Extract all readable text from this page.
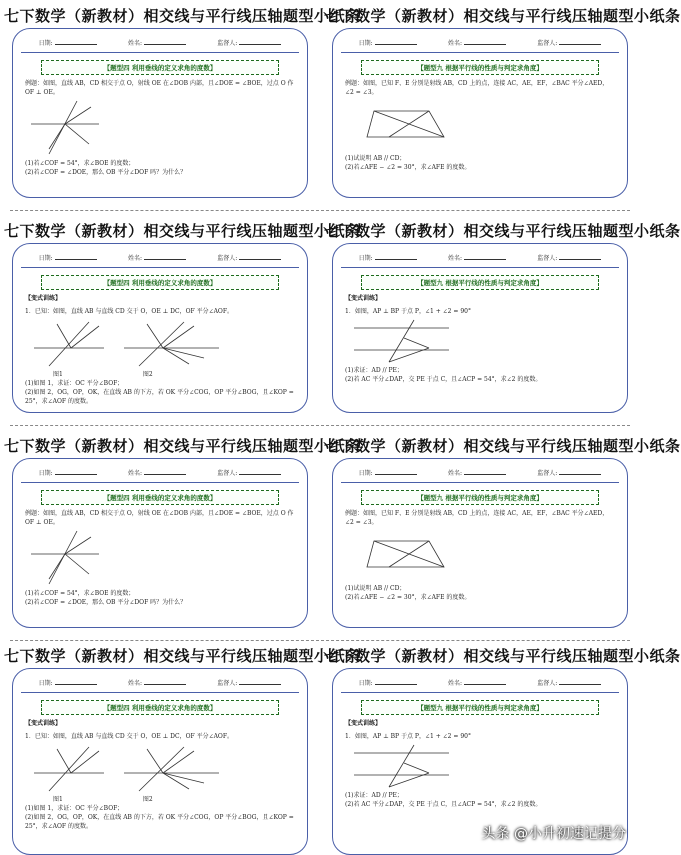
七下数学（新教材）相交线与平行线压轴题型小纸条
日期:	姓名:	监督人:
【题型四 利用垂线的定义求角的度数】
例题：如图，直线 AB，CD 相交于点 O，射线 OE 在∠DOB 内部，且∠DOE = ∠BOE，过点 O 作 OF ⊥ OE。
(1)若∠COF = 54°，求∠BOE 的度数；
(2)若∠COF = ∠DOE，那么 OB 平分∠DOF 吗？为什么？
七下数学（新教材）相交线与平行线压轴题型小纸条
日期:	姓名:	监督人:
【题型九 根据平行线的性质与判定求角度】
例题：如图，已知 F、E 分别是射线 AB，CD 上的点，连接 AC，AE，EF，∠BAC 平分∠AED，∠2 = ∠3。
(1)试说明 AB // CD；
(2)若∠AFE − ∠2 = 30°，求∠AFE 的度数。
七下数学（新教材）相交线与平行线压轴题型小纸条
日期:	姓名:	监督人:
【题型四 利用垂线的定义求角的度数】
【变式训练】
1．已知：如图，直线 AB 与直线 CD 交于 O，OE ⊥ DC，OF 平分∠AOF。
图1	图2
(1)如图 1，求证：OC 平分∠BOF；
(2)如图 2，OG，OP，OK，在直线 AB 的下方，若 OK 平分∠COG，OP 平分∠BOG，且∠KOP = 25°，求∠AOF 的度数。
七下数学（新教材）相交线与平行线压轴题型小纸条
日期:	姓名:	监督人:
【题型九 根据平行线的性质与判定求角度】
【变式训练】
1．如图，AP ⊥ BP 于点 P，∠1 + ∠2 = 90°
(1)求证：AD // PE；
(2)若 AC 平分∠DAP，交 PE 于点 C，且∠ACP = 54°，求∠2 的度数。
七下数学（新教材）相交线与平行线压轴题型小纸条
日期:	姓名:	监督人:
【题型四 利用垂线的定义求角的度数】
例题：如图，直线 AB，CD 相交于点 O，射线 OE 在∠DOB 内部，且∠DOE = ∠BOE，过点 O 作 OF ⊥ OE。
(1)若∠COF = 54°，求∠BOE 的度数；
(2)若∠COF = ∠DOE，那么 OB 平分∠DOF 吗？为什么？
七下数学（新教材）相交线与平行线压轴题型小纸条
日期:	姓名:	监督人:
【题型九 根据平行线的性质与判定求角度】
例题：如图，已知 F、E 分别是射线 AB，CD 上的点，连接 AC，AE，EF，∠BAC 平分∠AED，∠2 = ∠3。
(1)试说明 AB // CD；
(2)若∠AFE − ∠2 = 30°，求∠AFE 的度数。
七下数学（新教材）相交线与平行线压轴题型小纸条
日期:	姓名:	监督人:
【题型四 利用垂线的定义求角的度数】
【变式训练】
1．已知：如图，直线 AB 与直线 CD 交于 O，OE ⊥ DC，OF 平分∠AOF。
图1	图2
(1)如图 1，求证：OC 平分∠BOF；
(2)如图 2，OG，OP，OK，在直线 AB 的下方，若 OK 平分∠COG，OP 平分∠BOG，且∠KOP = 25°，求∠AOF 的度数。
七下数学（新教材）相交线与平行线压轴题型小纸条
日期:	姓名:	监督人:
【题型九 根据平行线的性质与判定求角度】
【变式训练】
1．如图，AP ⊥ BP 于点 P，∠1 + ∠2 = 90°
(1)求证：AD // PE；
(2)若 AC 平分∠DAP，交 PE 于点 C，且∠ACP = 54°，求∠2 的度数。
头条 @小升初速记提分
